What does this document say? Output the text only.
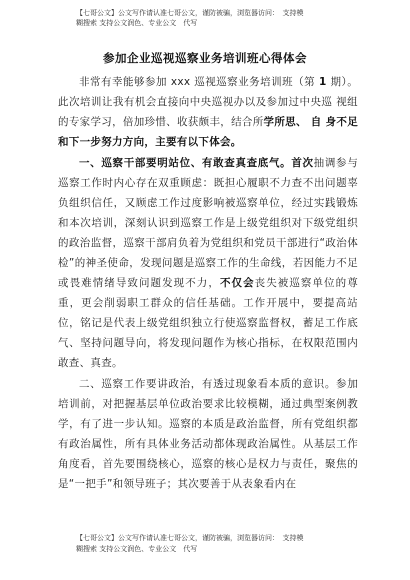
【七哥公文】公文写作请认准七哥公文，谨防被骗，浏览器访问：　支持模
糊搜索 支持公文润色、专业公文　代写
参加企业巡视巡察业务培训班心得体会

非常有幸能够参加 xxx 巡视巡察业务培训班（第 1 期）。此次培训让我有机会直接向中央巡视办以及参加过中央巡 视组的专家学习，倍加珍惜、收获颇丰，结合所学所思、 自 身不足和下一步努力方向，主要有以下体会。

一、巡察干部要明站位、有敢查真查底气。首次抽调参与巡察工作时内心存在双重顾虑：既担心履职不力查不出问题辜负组织信任，又顾虑工作过度影响被巡察单位，经过实践锻炼和本次培训，深刻认识到巡察工作是上级党组织对下级党组织的政治监督，巡察干部肩负着为党组织和党员干部进行“政治体检”的神圣使命，发现问题是巡察工作的生命线，若因能力不足或畏难情绪导致问题发现不力，不仅会丧失被巡察单位的尊重，更会削弱职工群众的信任基础。工作开展中，要提高站位，铭记是代表上级党组织独立行使巡察监督权，蓄足工作底气、坚持问题导向，将发现问题作为核心指标，在权限范围内敢查、真查。

二、巡察工作要讲政治，有透过现象看本质的意识。参加培训前，对把握基层单位政治要求比较模糊，通过典型案例教学，有了进一步认知。巡察的本质是政治监督，所有党组织都有政治属性，所有具体业务活动都体现政治属性。从基层工作角度看，首先要围绕核心，巡察的核心是权力与责任，聚焦的是“一把手”和领导班子；其次要善于从表象看内在

【七哥公文】公文写作请认准七哥公文，谨防被骗，浏览器访问：　支持模
糊搜索 支持公文润色、专业公文　代写
